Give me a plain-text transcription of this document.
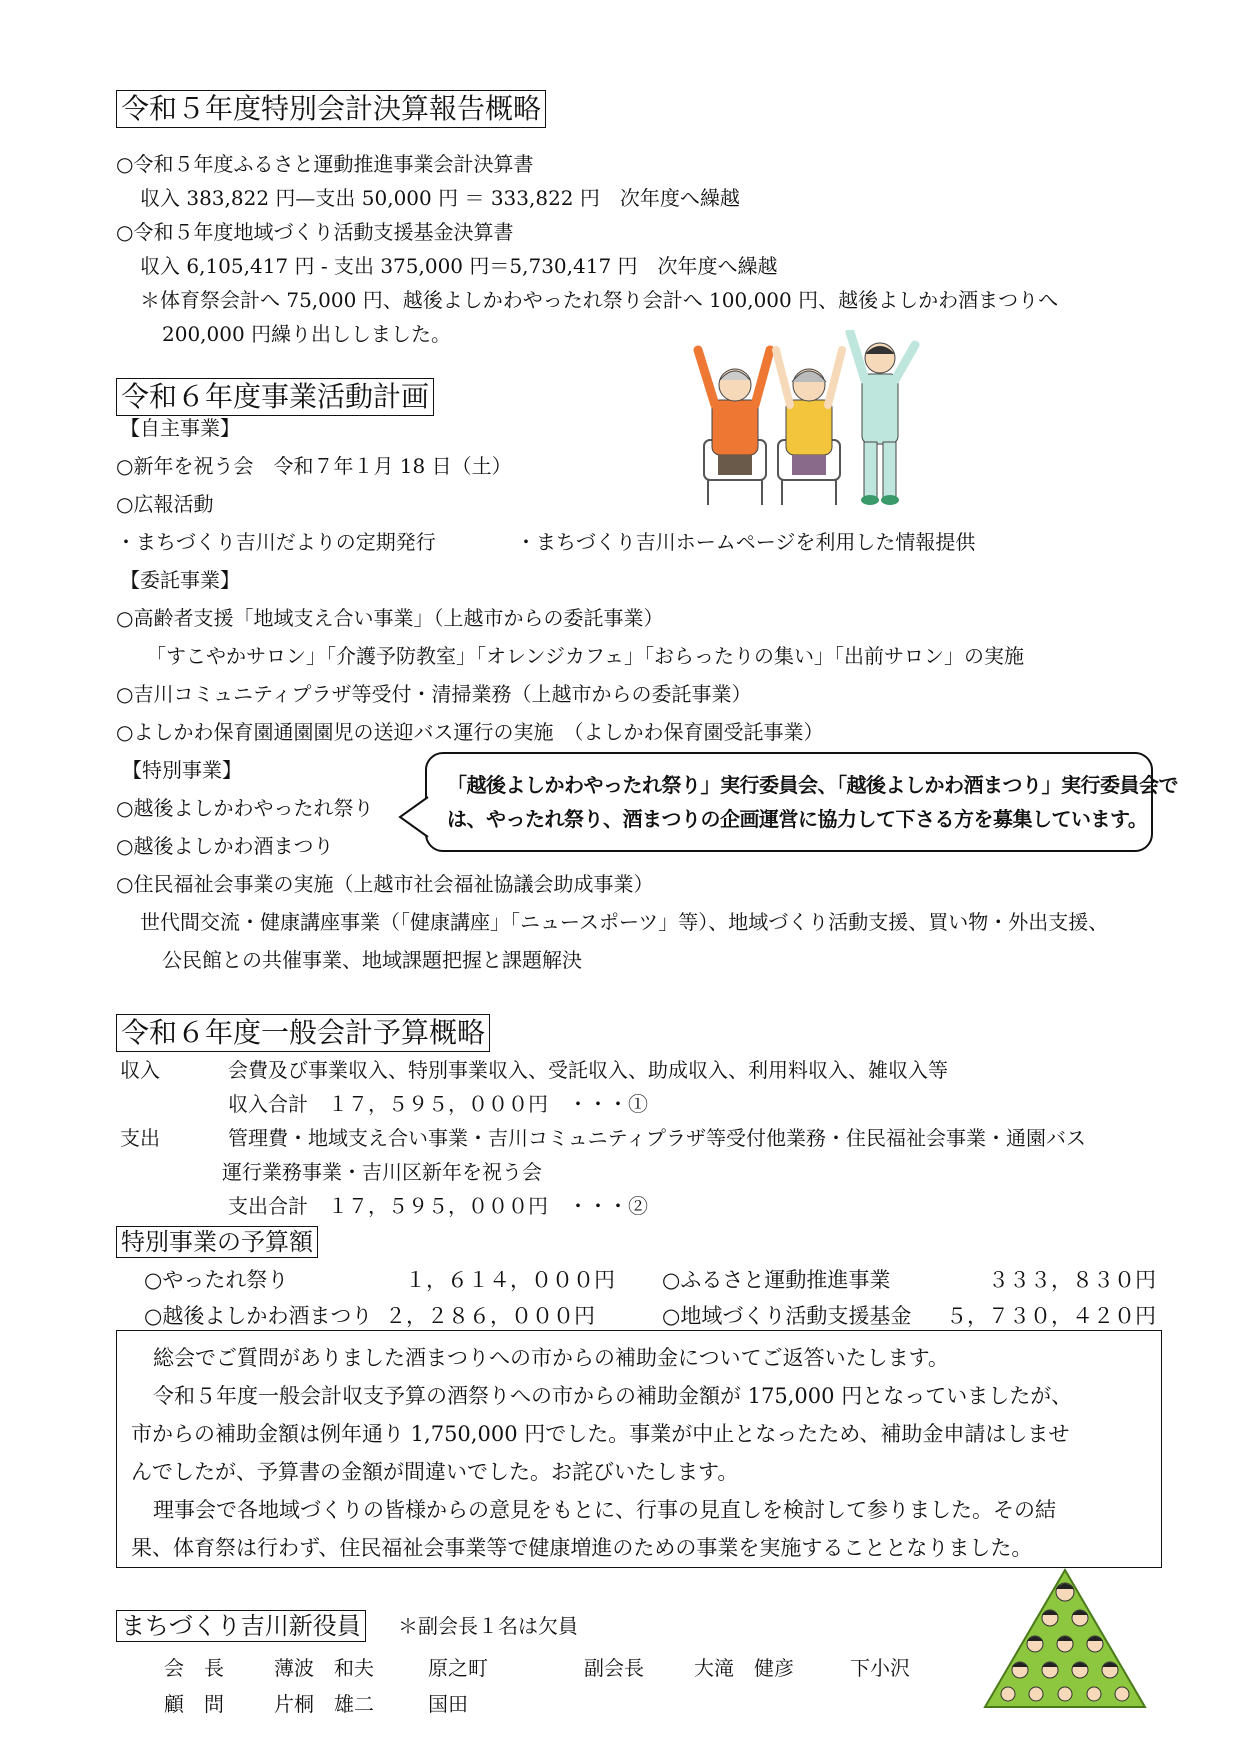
令和５年度特別会計決算報告概略
○令和５年度ふるさと運動推進事業会計決算書
収入 383,822 円—支出 50,000 円 ＝ 333,822 円　次年度へ繰越
○令和５年度地域づくり活動支援基金決算書
収入 6,105,417 円 - 支出 375,000 円＝5,730,417 円　次年度へ繰越
＊体育祭会計へ 75,000 円、越後よしかわやったれ祭り会計へ 100,000 円、越後よしかわ酒まつりへ
200,000 円繰り出ししました。
令和６年度事業活動計画
【自主事業】
○新年を祝う会　令和７年１月 18 日（土）
○広報活動
・まちづくり吉川だよりの定期発行	・まちづくり吉川ホームページを利用した情報提供
【委託事業】
○高齢者支援「地域支え合い事業」（上越市からの委託事業）
「すこやかサロン」「介護予防教室」「オレンジカフェ」「おらったりの集い」「出前サロン」の実施
○吉川コミュニティプラザ等受付・清掃業務（上越市からの委託事業）
○よしかわ保育園通園園児の送迎バス運行の実施　（よしかわ保育園受託事業）
【特別事業】
○越後よしかわやったれ祭り
○越後よしかわ酒まつり
「越後よしかわやったれ祭り」実行委員会、「越後よしかわ酒まつり」実行委員会で
は、やったれ祭り、酒まつりの企画運営に協力して下さる方を募集しています。
○住民福祉会事業の実施（上越市社会福祉協議会助成事業）
世代間交流・健康講座事業（「健康講座」「ニュースポーツ」等）、地域づくり活動支援、買い物・外出支援、
公民館との共催事業、地域課題把握と課題解決
令和６年度一般会計予算概略
収入	会費及び事業収入、特別事業収入、受託収入、助成収入、利用料収入、雑収入等
収入合計　１７，５９５，０００円　・・・①
支出	管理費・地域支え合い事業・吉川コミュニティプラザ等受付他業務・住民福祉会事業・通園バス
運行業務事業・吉川区新年を祝う会
支出合計　１７，５９５，０００円　・・・②
特別事業の予算額
○やったれ祭り	１，６１４，０００円 ○ふるさと運動推進事業	３３３，８３０円
○越後よしかわ酒まつり ２，２８６，０００円	○地域づくり活動支援基金 ５，７３０，４２０円
総会でご質問がありました酒まつりへの市からの補助金についてご返答いたします。
令和５年度一般会計収支予算の酒祭りへの市からの補助金額が 175,000 円となっていましたが、
市からの補助金額は例年通り 1,750,000 円でした。事業が中止となったため、補助金申請はしませ
んでしたが、予算書の金額が間違いでした。お詫びいたします。
理事会で各地域づくりの皆様からの意見をもとに、行事の見直しを検討して参りました。その結
果、体育祭は行わず、住民福祉会事業等で健康増進のための事業を実施することとなりました。
まちづくり吉川新役員 ＊副会長１名は欠員
会　長	薄波　和夫	原之町	副会長	大滝　健彦	下小沢
顧　問	片桐　雄二	国田
